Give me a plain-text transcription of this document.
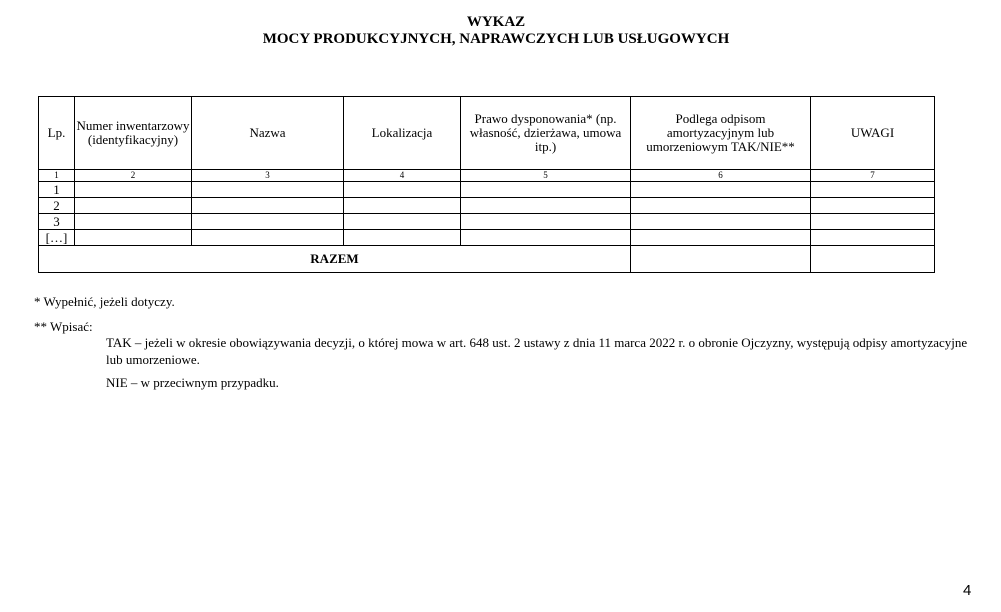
WYKAZ
MOCY PRODUKCYJNYCH, NAPRAWCZYCH LUB USŁUGOWYCH
Lp.	Numer inwentarzowy (identyfikacyjny)	Nazwa	Lokalizacja	Prawo dysponowania* (np. własność, dzierżawa, umowa itp.)	Podlega odpisom amortyzacyjnym lub umorzeniowym TAK/NIE**	UWAGI
1	2	3	4	5	6	7
1						
2						
3						
[…]						
RAZEM						
* Wypełnić, jeżeli dotyczy.
** Wpisać:
TAK – jeżeli w okresie obowiązywania decyzji, o której mowa w art. 648 ust. 2 ustawy z dnia 11 marca 2022 r. o obronie Ojczyzny, występują odpisy amortyzacyjne lub umorzeniowe.
NIE – w przeciwnym przypadku.
4
